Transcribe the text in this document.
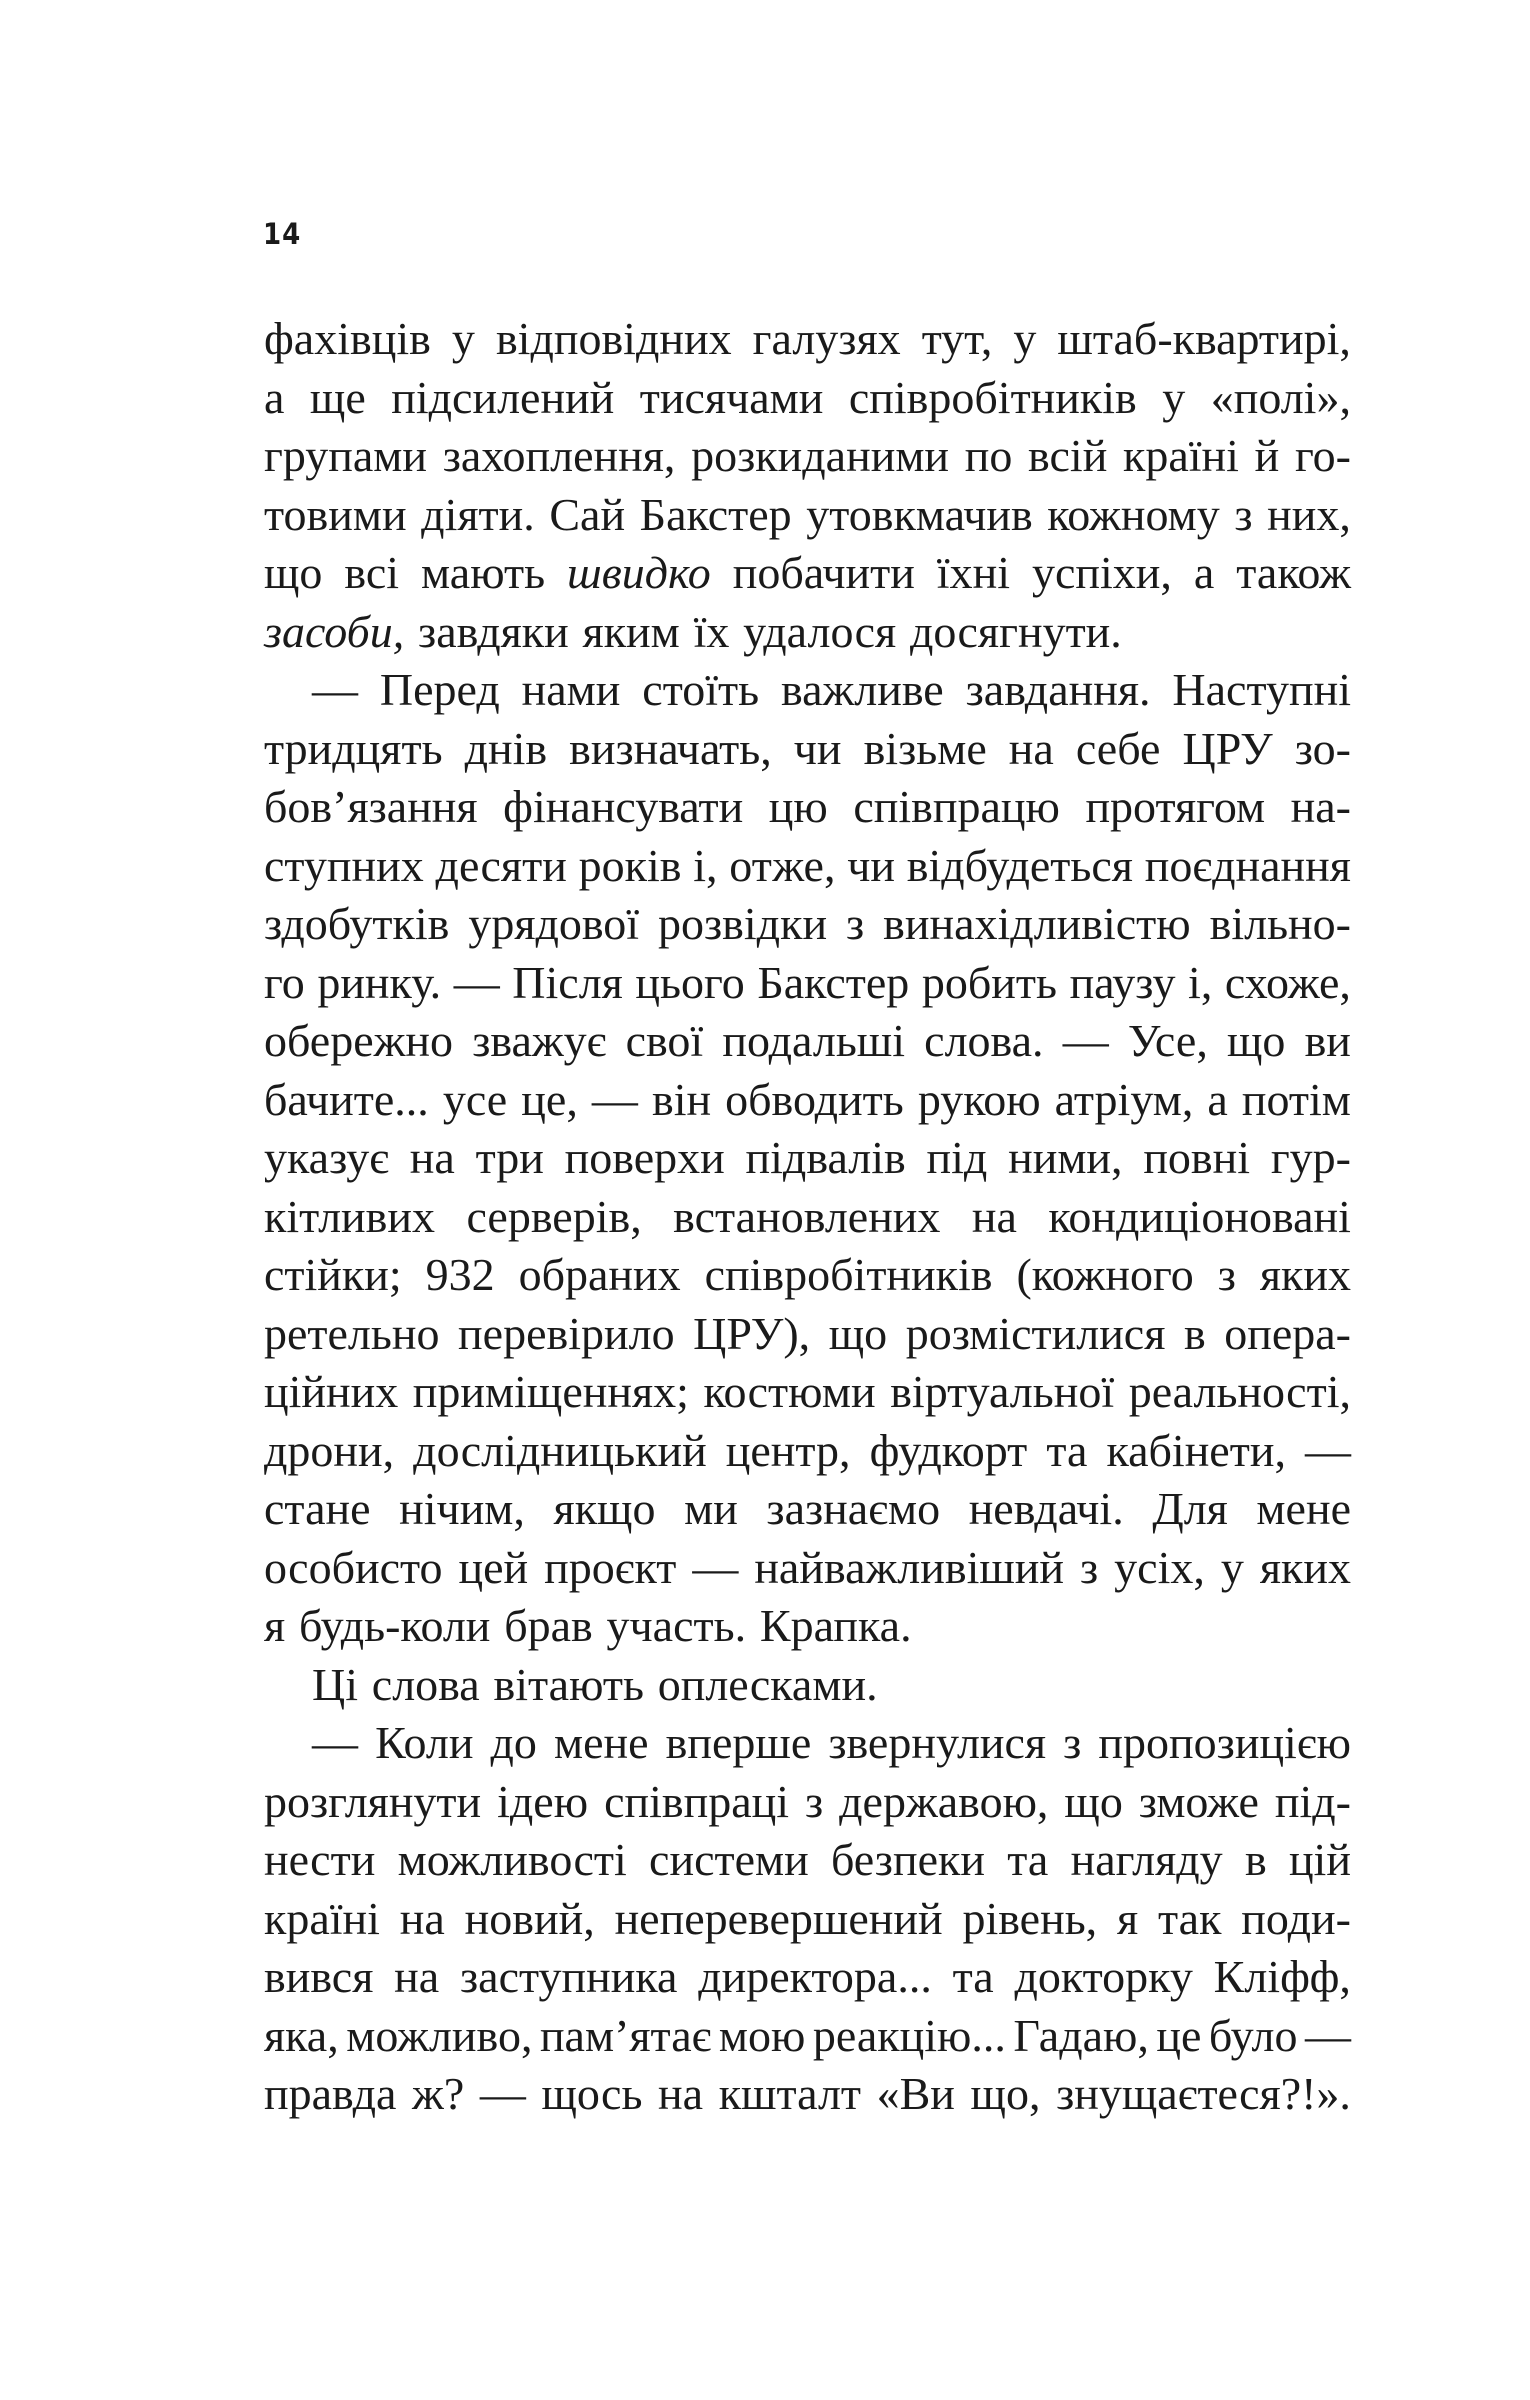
14
фахівців у відповідних галузях тут, у штаб-квартирі,
а ще підсилений тисячами співробітників у «полі»,
групами захоплення, розкиданими по всій країні й го-
товими діяти. Сай Бакстер утовкмачив кожному з них,
що всі мають швидко побачити їхні успіхи, а також
засоби, завдяки яким їх удалося досягнути.
— Перед нами стоїть важливе завдання. Наступні
тридцять днів визначать, чи візьме на себе ЦРУ зо-
бов’язання фінансувати цю співпрацю протягом на-
ступних десяти років і, отже, чи відбудеться поєднання
здобутків урядової розвідки з винахідливістю вільно-
го ринку. — Після цього Бакстер робить паузу і, схоже,
обережно зважує свої подальші слова. — Усе, що ви
бачите... усе це, — він обводить рукою атріум, а потім
указує на три поверхи підвалів під ними, повні гур-
кітливих серверів, встановлених на кондиціоновані
стійки; 932 обраних співробітників (кожного з яких
ретельно перевірило ЦРУ), що розмістилися в опера-
ційних приміщеннях; костюми віртуальної реальності,
дрони, дослідницький центр, фудкорт та кабінети, —
стане нічим, якщо ми зазнаємо невдачі. Для мене
особисто цей проєкт — найважливіший з усіх, у яких
я будь-коли брав участь. Крапка.
Ці слова вітають оплесками.
— Коли до мене вперше звернулися з пропозицією
розглянути ідею співпраці з державою, що зможе під-
нести можливості системи безпеки та нагляду в цій
країні на новий, неперевершений рівень, я так поди-
вився на заступника директора... та докторку Кліфф,
яка, можливо, пам’ятає мою реакцію... Гадаю, це було —
правда ж? — щось на кшталт «Ви що, знущаєтеся?!».
